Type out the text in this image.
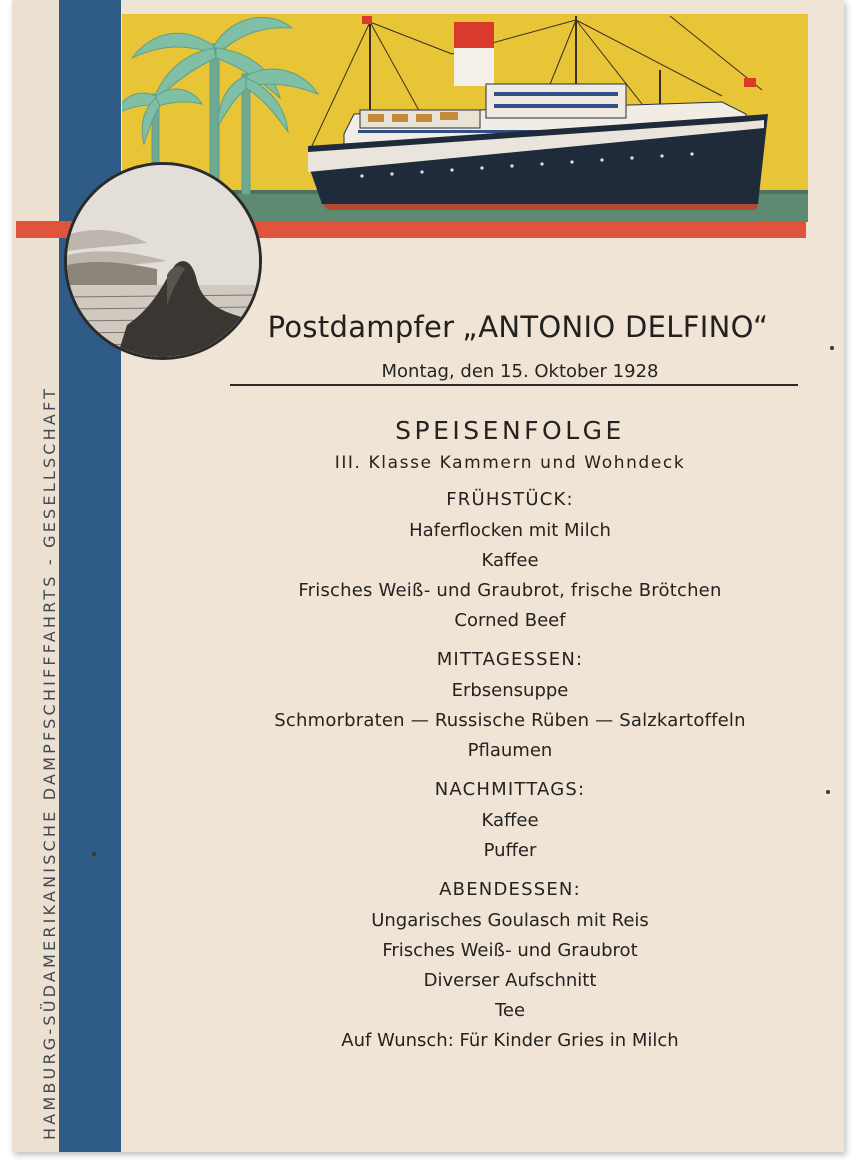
HAMBURG-SÜDAMERIKANISCHE DAMPFSCHIFFFAHRTS - GESELLSCHAFT
Postdampfer „ANTONIO DELFINO“
Montag, den 15. Oktober 1928
SPEISENFOLGE
III. Klasse Kammern und Wohndeck
FRÜHSTÜCK:
Haferflocken mit Milch
Kaffee
Frisches Weiß- und Graubrot, frische Brötchen
Corned Beef
MITTAGESSEN:
Erbsensuppe
Schmorbraten — Russische Rüben — Salzkartoffeln
Pflaumen
NACHMITTAGS:
Kaffee
Puffer
ABENDESSEN:
Ungarisches Goulasch mit Reis
Frisches Weiß- und Graubrot
Diverser Aufschnitt
Tee
Auf Wunsch: Für Kinder Gries in Milch
